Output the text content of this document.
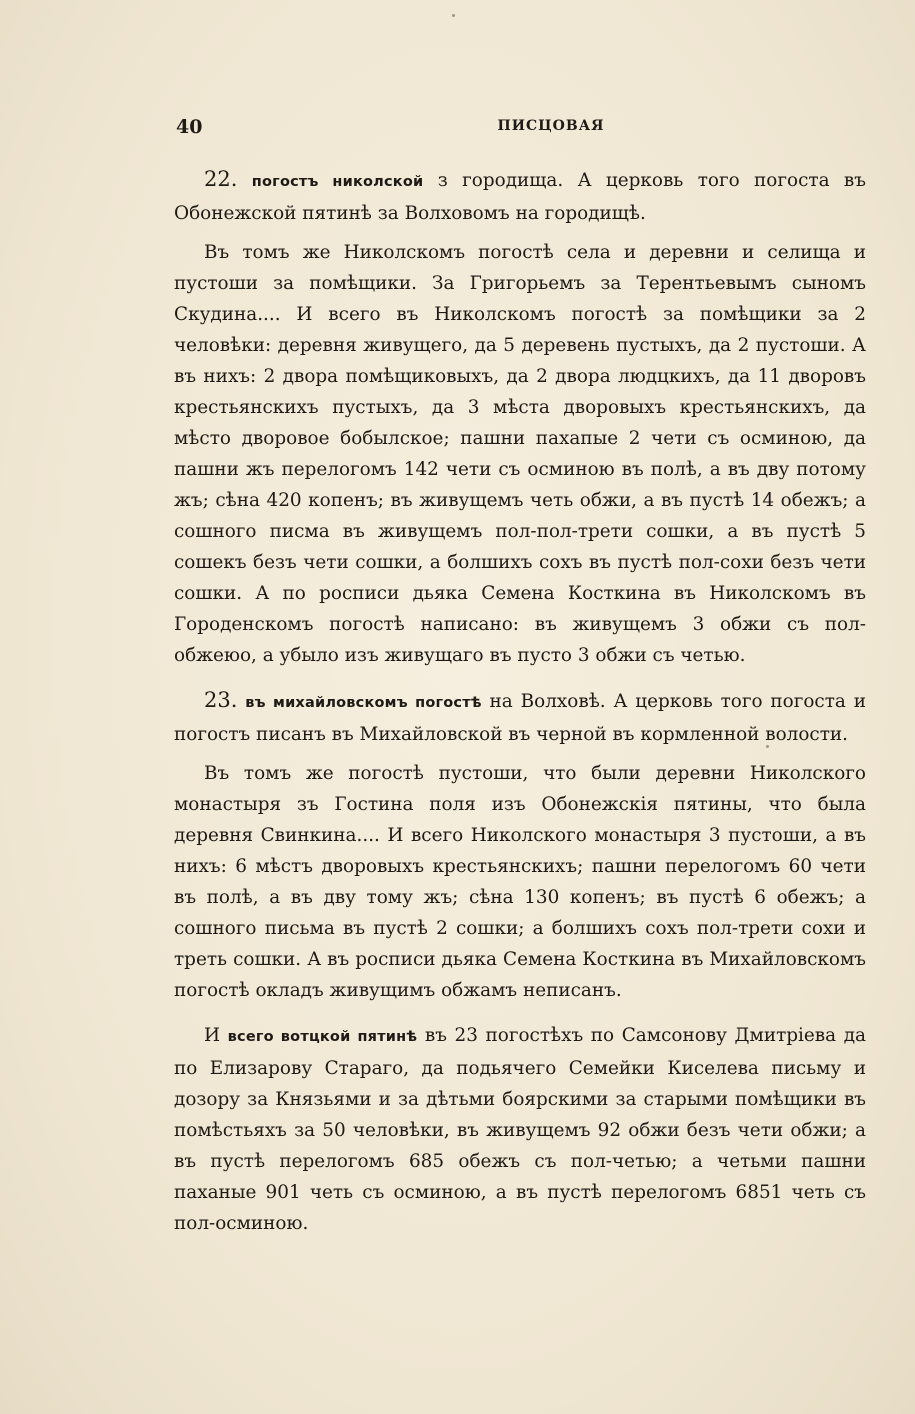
40	ПИСЦОВАЯ

22. погостъ николской з городища. А церковь того погоста въ Обонежской пятинѣ за Волховомъ на городищѣ.

Въ томъ же Николскомъ погостѣ села и деревни и селища и пустоши за помѣщики. За Григорьемъ за Терентьевымъ сыномъ Скудина.... И всего въ Николскомъ погостѣ за помѣщики за 2 человѣки: деревня живущего, да 5 деревень пустыхъ, да 2 пустоши. А въ нихъ: 2 двора помѣщиковыхъ, да 2 двора людцкихъ, да 11 дворовъ крестьянскихъ пустыхъ, да 3 мѣста дворовыхъ крестьянскихъ, да мѣсто дворовое бобылское; пашни пахапые 2 чети съ осминою, да пашни жъ перелогомъ 142 чети съ осминою въ полѣ, а въ дву потому жъ; сѣна 420 копенъ; въ живущемъ четь обжи, а въ пустѣ 14 обежъ; а сошного писма въ живущемъ пол-пол-трети сошки, а въ пустѣ 5 сошекъ безъ чети сошки, а болшихъ сохъ въ пустѣ пол-сохи безъ чети сошки. А по росписи дьяка Семена Косткина въ Николскомъ въ Городенскомъ погостѣ написано: въ живущемъ 3 обжи съ пол-обжеюо, а убыло изъ живущаго въ пусто 3 обжи съ четью.

23. въ михайловскомъ погостѣ на Волховѣ. А церковь того погоста и погостъ писанъ въ Михайловской въ черной въ кормленной волости.

Въ томъ же погостѣ пустоши, что были деревни Николского монастыря зъ Гостина поля изъ Обонежскія пятины, что была деревня Свинкина.... И всего Николского монастыря 3 пустоши, а въ нихъ: 6 мѣстъ дворовыхъ крестьянскихъ; пашни перелогомъ 60 чети въ полѣ, а въ дву тому жъ; сѣна 130 копенъ; въ пустѣ 6 обежъ; а сошного письма въ пустѣ 2 сошки; а болшихъ сохъ пол-трети сохи и треть сошки. А въ росписи дьяка Семена Косткина въ Михайловскомъ погостѣ окладъ живущимъ обжамъ неписанъ.

И всего вотцкой пятинѣ въ 23 погостѣхъ по Самсонову Дмитріева да по Елизарову Стараго, да подьячего Семейки Киселева письму и дозору за Князьями и за дѣтьми боярскими за старыми помѣщики въ помѣстьяхъ за 50 человѣки, въ живущемъ 92 обжи безъ чети обжи; а въ пустѣ перелогомъ 685 обежъ съ пол-четью; а четьми пашни паханые 901 четь съ осминою, а въ пустѣ перелогомъ 6851 четь съ пол-осминою.
